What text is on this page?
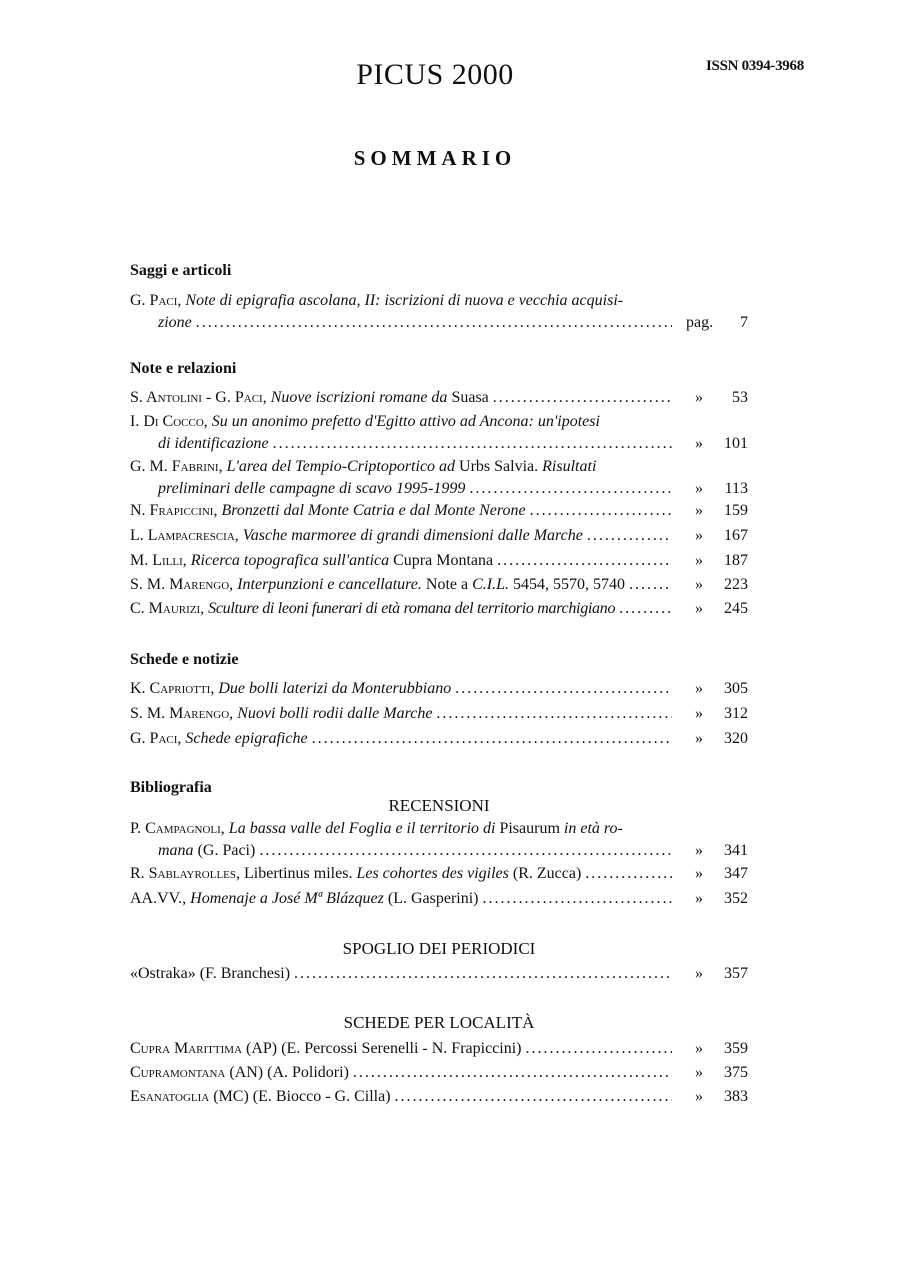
PICUS 2000	ISSN 0394-3968
SOMMARIO
Saggi e articoli
G. Paci, Note di epigrafia ascolana, II: iscrizioni di nuova e vecchia acquisi-
zione . . .	pag.	7
Note e relazioni
S. Antolini - G. Paci,
Nuove iscrizioni romane da
Suasa . . .	»	53
I. Di Cocco, Su un anonimo prefetto d'Egitto attivo ad Ancona: un'ipotesi
di identificazione . . .	»	101
G. M. Fabrini, L'area del Tempio-Criptoportico ad Urbs Salvia. Risultati
preliminari delle campagne di scavo 1995-1999 . . .	»	113
N. Frapiccini,
Bronzetti dal Monte Catria e dal Monte Nerone . . .	»	159
L. Lampacrescia,
Vasche marmoree di grandi dimensioni dalle Marche . . .	»	167
M. Lilli,
Ricerca topografica sull'antica
Cupra Montana . . .	»	187
S. M. Marengo,
Interpunzioni e cancellature.
Note a
C.I.L.
5454, 5570, 5740 . . .	»	223
C. Maurizi,
Sculture di leoni funerari di età romana del territorio marchigiano . . .	»	245
Schede e notizie
K. Capriotti,
Due bolli laterizi da Monterubbiano . . .	»	305
S. M. Marengo,
Nuovi bolli rodii dalle Marche . . .	»	312
G. Paci,
Schede epigrafiche . . .	»	320
Bibliografia
RECENSIONI
P. Campagnoli, La bassa valle del Foglia e il territorio di Pisaurum in età ro-
mana
(G. Paci) . . .	»	341
R. Sablayrolles,
Libertinus miles.
Les cohortes des vigiles
(R. Zucca) . . .	»	347
AA.VV.,
Homenaje a José Mª Blázquez
(L. Gasperini) . . .	»	352
SPOGLIO DEI PERIODICI
«Ostraka»
(F. Branchesi) . . .	»	357
SCHEDE PER LOCALITÀ
Cupra Marittima
(AP) (E. Percossi Serenelli - N. Frapiccini) . . .	»	359
Cupramontana
(AN) (A. Polidori) . . .	»	375
Esanatoglia
(MC) (E. Biocco - G. Cilla) . . .	»	383
